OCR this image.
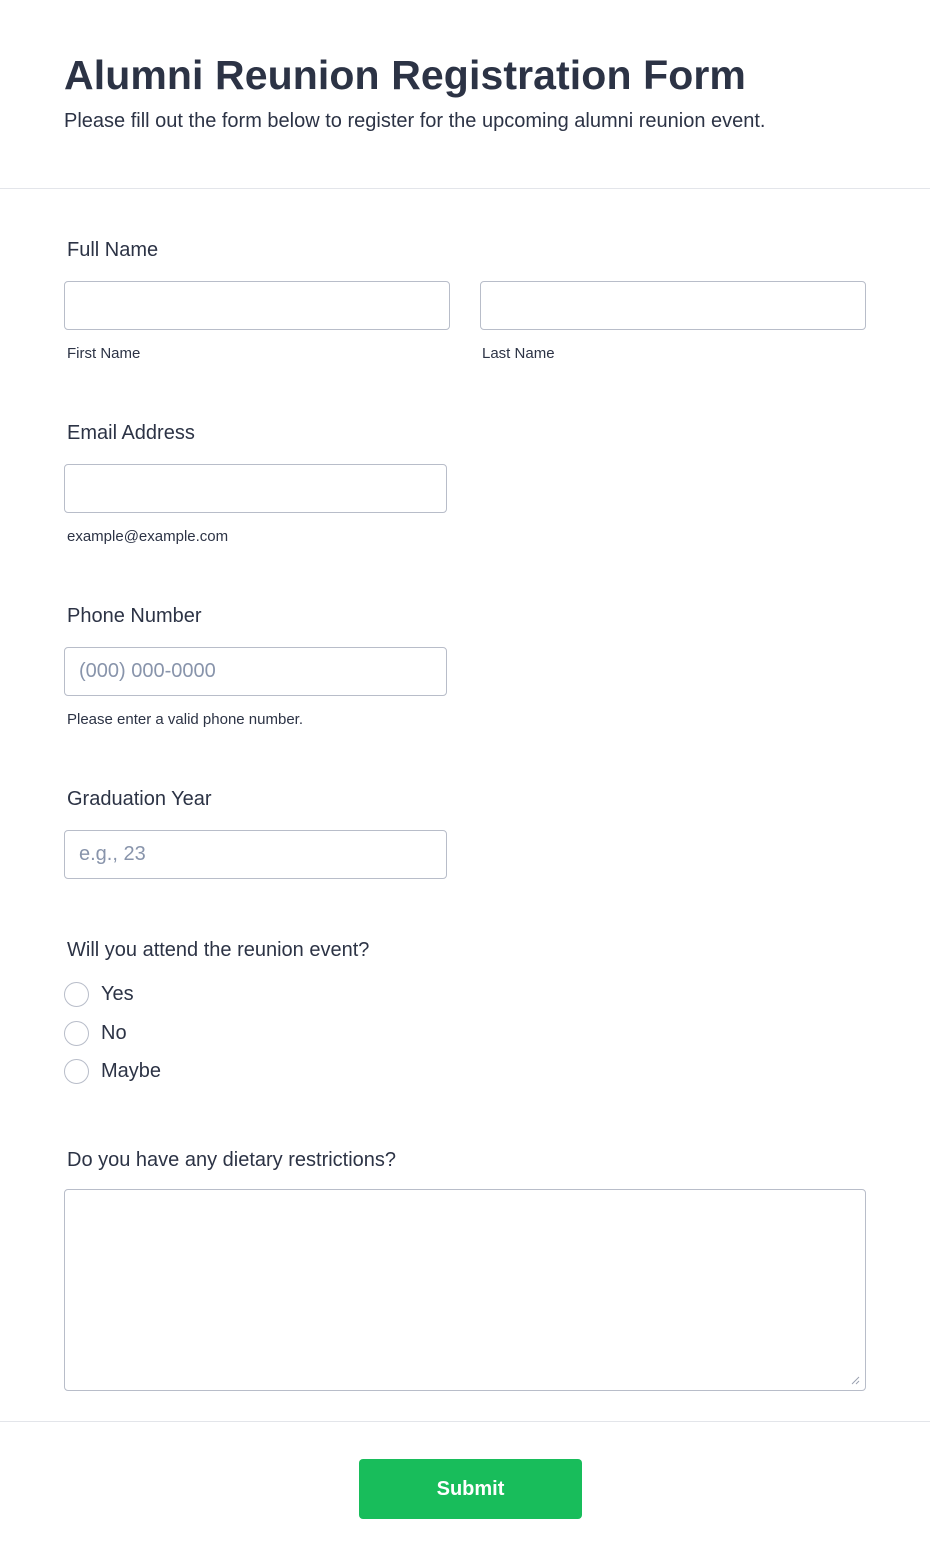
Alumni Reunion Registration Form

Please fill out the form below to register for the upcoming alumni reunion event.

Full Name
First Name	Last Name
Email Address
example@example.com
Phone Number
(000) 000-0000
Please enter a valid phone number.
Graduation Year
e.g., 23
Will you attend the reunion event?
Yes
No
Maybe
Do you have any dietary restrictions?
Submit
